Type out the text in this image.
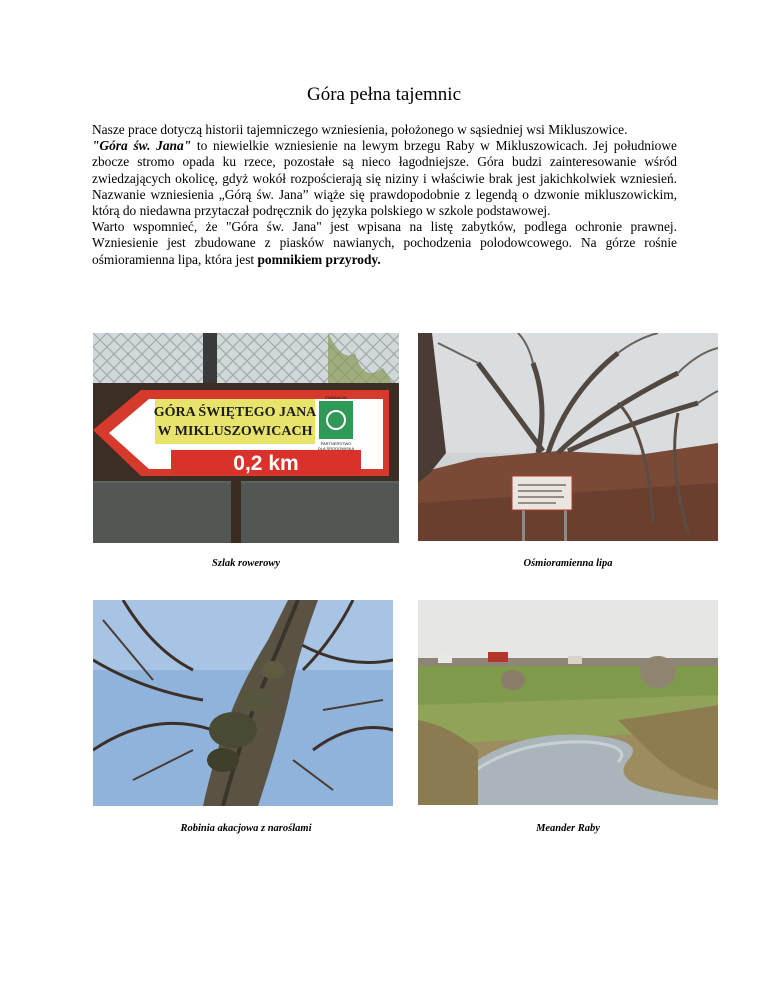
Góra pełna tajemnic

Nasze prace dotyczą historii tajemniczego wzniesienia, położonego w sąsiedniej wsi Mikluszowice.

"Góra św. Jana" to niewielkie wzniesienie na lewym brzegu Raby w Mikluszowicach. Jej południowe zbocze stromo opada ku rzece, pozostałe są nieco łagodniejsze. Góra budzi zainteresowanie wśród zwiedzających okolicę, gdyż wokół rozpościerają się niziny i właściwie brak jest jakichkolwiek wzniesień. Nazwanie wzniesienia „Górą św. Jana” wiąże się prawdopodobnie z legendą o dzwonie mikluszowickim, którą do niedawna przytaczał podręcznik do języka polskiego w szkole podstawowej.

Warto wspomnieć, że "Góra św. Jana" jest wpisana na listę zabytków, podlega ochronie prawnej. Wzniesienie jest zbudowane z piasków nawianych, pochodzenia polodowcowego. Na górze rośnie ośmioramienna lipa, która jest pomnikiem przyrody.

GÓRA ŚWIĘTEGO JANA
W MIKLUSZOWICACH
0,2 km
FUNDACJA
PARTNERSTWO
DLA ŚRODOWISKA
Szlak rowerowy	Ośmioramienna lipa
Robinia akacjowa z naroślami	Meander Raby
